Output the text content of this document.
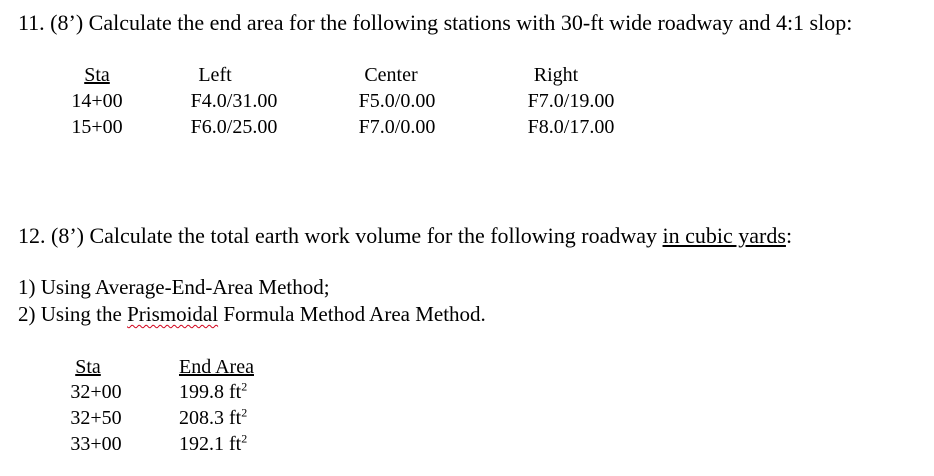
11. (8’) Calculate the end area for the following stations with 30-ft wide roadway and 4:1 slop:
Sta	Left	Center	Right
14+00	F4.0/31.00	F5.0/0.00	F7.0/19.00
15+00	F6.0/25.00	F7.0/0.00	F8.0/17.00
12. (8’) Calculate the total earth work volume for the following roadway in cubic yards:
1) Using Average-End-Area Method;
2) Using the Prismoidal Formula Method Area Method.
Sta	End Area
32+00	199.8 $ft^2$
32+50	208.3 $ft^2$
33+00	192.1 $ft^2$
